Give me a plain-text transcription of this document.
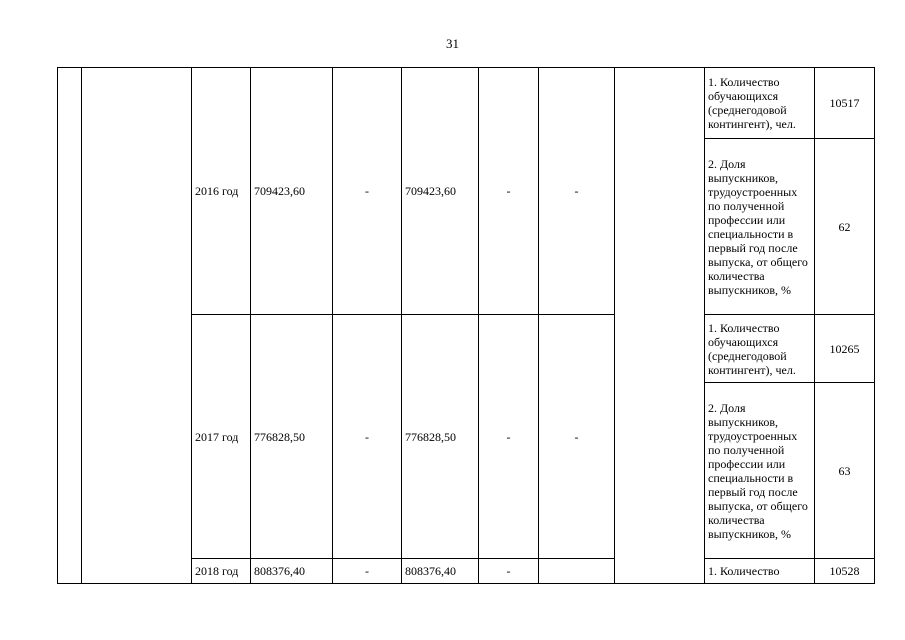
31
		2016 год	709423,60	-	709423,60	-	-		1. Количество обучающихся (среднегодовой контингент), чел.	10517
									2. Доля выпускников, трудоустроенных по полученной профессии или специальности в первый год после выпуска, от общего количества выпускников, %	62
		2017 год	776828,50	-	776828,50	-	-		1. Количество обучающихся (среднегодовой контингент), чел.	10265
									2. Доля выпускников, трудоустроенных по полученной профессии или специальности в первый год после выпуска, от общего количества выпускников, %	63
		2018 год	808376,40	-	808376,40	-			1. Количество	10528
